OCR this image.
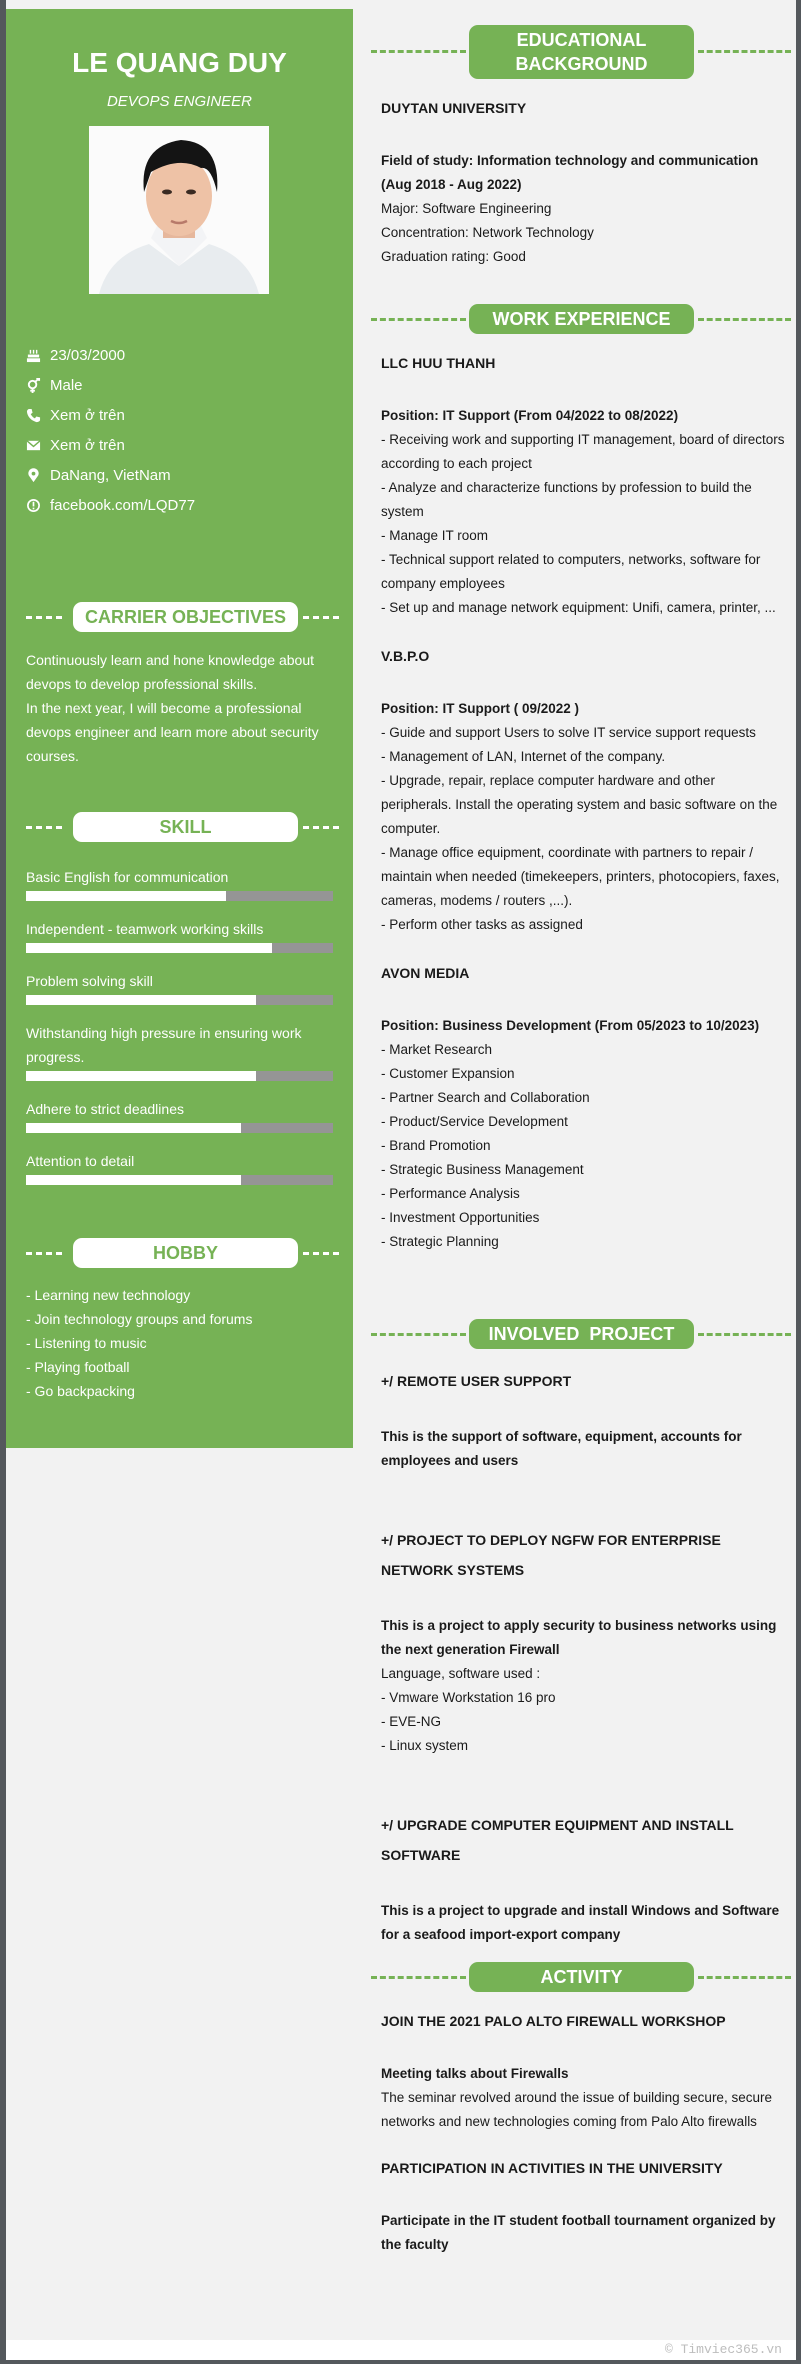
LE QUANG DUY
DEVOPS ENGINEER
23/03/2000
Male
Xem ở trên
Xem ở trên
DaNang, VietNam
facebook.com/LQD77
CARRIER OBJECTIVES
Continuously learn and hone knowledge about devops to develop professional skills.
In the next year, I will become a professional devops engineer and learn more about security courses.
SKILL
Basic English for communication
Independent - teamwork working skills
Problem solving skill
Withstanding high pressure in ensuring work progress.
Adhere to strict deadlines
Attention to detail
HOBBY
- Learning new technology
- Join technology groups and forums
- Listening to music
- Playing football
- Go backpacking
EDUCATIONAL
BACKGROUND
DUYTAN UNIVERSITY
Field of study: Information technology and communication (Aug 2018 - Aug 2022)
Major: Software Engineering
Concentration: Network Technology
Graduation rating: Good
WORK EXPERIENCE
LLC HUU THANH
Position: IT Support (From 04/2022 to 08/2022)
- Receiving work and supporting IT management, board of directors according to each project
- Analyze and characterize functions by profession to build the system
- Manage IT room
- Technical support related to computers, networks, software for company employees
- Set up and manage network equipment: Unifi, camera, printer, ...
V.B.P.O
Position: IT Support ( 09/2022 )
- Guide and support Users to solve IT service support requests
- Management of LAN, Internet of the company.
- Upgrade, repair, replace computer hardware and other peripherals. Install the operating system and basic software on the computer.
- Manage office equipment, coordinate with partners to repair / maintain when needed (timekeepers, printers, photocopiers, faxes, cameras, modems / routers ,...).
- Perform other tasks as assigned
AVON MEDIA
Position: Business Development (From 05/2023 to 10/2023)
- Market Research
- Customer Expansion
- Partner Search and Collaboration
- Product/Service Development
- Brand Promotion
- Strategic Business Management
- Performance Analysis
- Investment Opportunities
- Strategic Planning
INVOLVED  PROJECT
+/ REMOTE USER SUPPORT
This is the support of software, equipment, accounts for employees and users
+/ PROJECT TO DEPLOY NGFW FOR ENTERPRISE NETWORK SYSTEMS
This is a project to apply security to business networks using the next generation Firewall
Language, software used :
- Vmware Workstation 16 pro
- EVE-NG
- Linux system
+/ UPGRADE COMPUTER EQUIPMENT AND INSTALL SOFTWARE
This is a project to upgrade and install Windows and Software for a seafood import-export company
ACTIVITY
JOIN THE 2021 PALO ALTO FIREWALL WORKSHOP
Meeting talks about Firewalls
The seminar revolved around the issue of building secure, secure networks and new technologies coming from Palo Alto firewalls
PARTICIPATION IN ACTIVITIES IN THE UNIVERSITY
Participate in the IT student football tournament organized by the faculty
© Timviec365.vn
